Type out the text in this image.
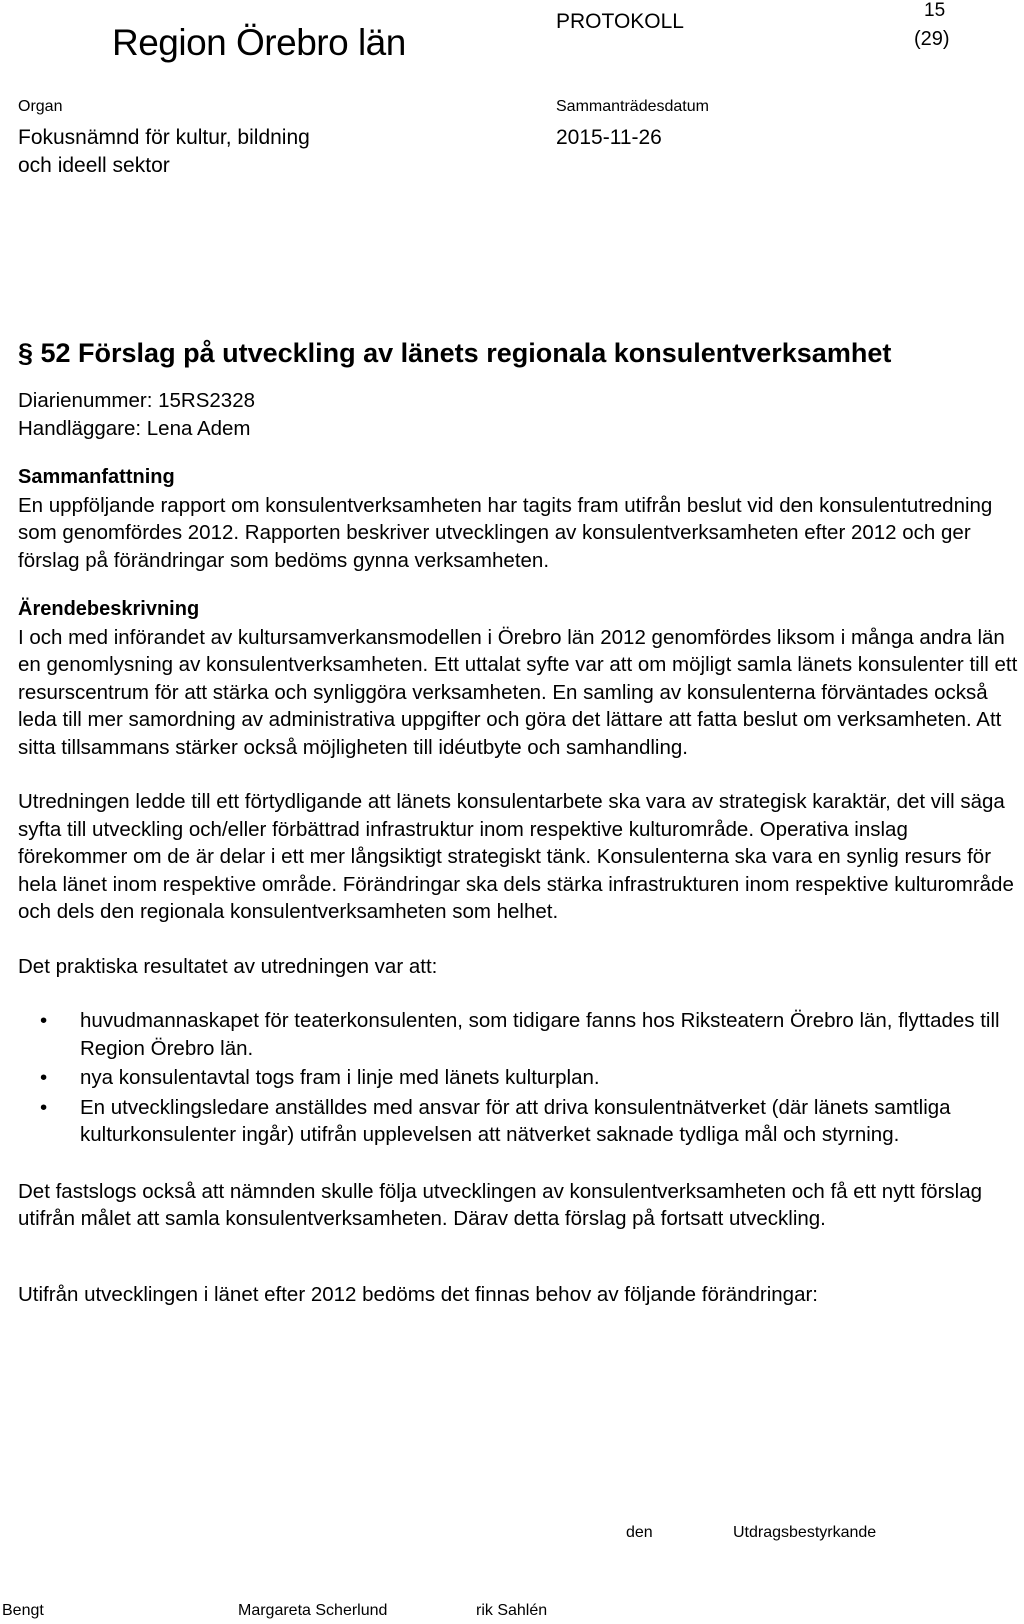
Region Örebro län
PROTOKOLL	15
(29)
Organ
Fokusnämnd för kultur, bildning och ideell sektor
Sammanträdesdatum
2015-11-26
§ 52 Förslag på utveckling av länets regionala konsulentverksamhet

Diarienummer: 15RS2328

Handläggare: Lena Adem

Sammanfattning

En uppföljande rapport om konsulentverksamheten har tagits fram utifrån beslut vid den konsulentutredning som genomfördes 2012. Rapporten beskriver utvecklingen av konsulentverksamheten efter 2012 och ger förslag på förändringar som bedöms gynna verksamheten.

Ärendebeskrivning

I och med införandet av kultursamverkansmodellen i Örebro län 2012 genomfördes liksom i många andra län en genomlysning av konsulentverksamheten. Ett uttalat syfte var att om möjligt samla länets konsulenter till ett resurscentrum för att stärka och synliggöra verksamheten. En samling av konsulenterna förväntades också leda till mer samordning av administrativa uppgifter och göra det lättare att fatta beslut om verksamheten. Att sitta tillsammans stärker också möjligheten till idéutbyte och samhandling.

Utredningen ledde till ett förtydligande att länets konsulentarbete ska vara av strategisk karaktär, det vill säga syfta till utveckling och/eller förbättrad infrastruktur inom respektive kulturområde. Operativa inslag förekommer om de är delar i ett mer långsiktigt strategiskt tänk. Konsulenterna ska vara en synlig resurs för hela länet inom respektive område. Förändringar ska dels stärka infrastrukturen inom respektive kulturområde och dels den regionala konsulentverksamheten som helhet.

Det praktiska resultatet av utredningen var att:

• huvudmannaskapet för teaterkonsulenten, som tidigare fanns hos Riksteatern Örebro län, flyttades till Region Örebro län.
• nya konsulentavtal togs fram i linje med länets kulturplan.
• En utvecklingsledare anställdes med ansvar för att driva konsulentnätverket (där länets samtliga kulturkonsulenter ingår) utifrån upplevelsen att nätverket saknade tydliga mål och styrning.

Det fastslogs också att nämnden skulle följa utvecklingen av konsulentverksamheten och få ett nytt förslag utifrån målet att samla konsulentverksamheten. Därav detta förslag på fortsatt utveckling.

Utifrån utvecklingen i länet efter 2012 bedöms det finnas behov av följande förändringar:

den	Utdragsbestyrkande
Bengt	Margareta Scherlund	rik Sahlén
